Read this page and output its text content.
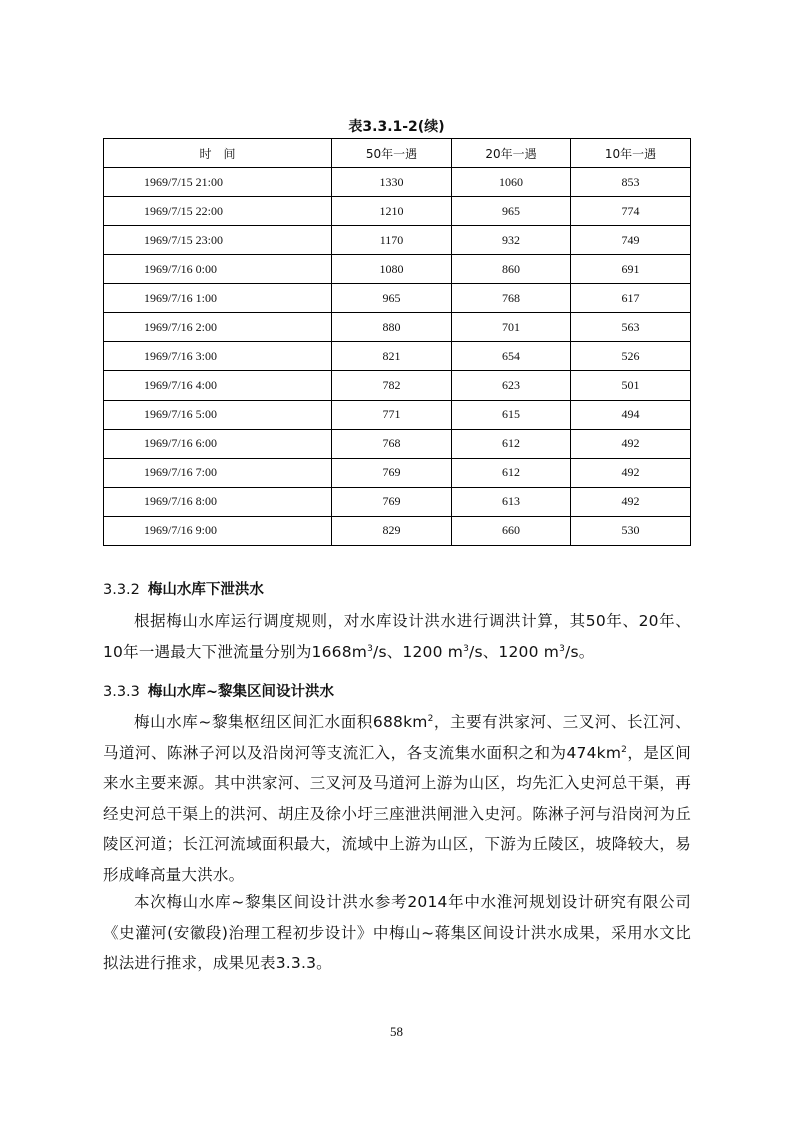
表3.3.1-2(续)
时　间	50年一遇	20年一遇	10年一遇
1969/7/15 21:00	1330	1060	853
1969/7/15 22:00	1210	965	774
1969/7/15 23:00	1170	932	749
1969/7/16 0:00	1080	860	691
1969/7/16 1:00	965	768	617
1969/7/16 2:00	880	701	563
1969/7/16 3:00	821	654	526
1969/7/16 4:00	782	623	501
1969/7/16 5:00	771	615	494
1969/7/16 6:00	768	612	492
1969/7/16 7:00	769	612	492
1969/7/16 8:00	769	613	492
1969/7/16 9:00	829	660	530
3.3.2 梅山水库下泄洪水
根据梅山水库运行调度规则，对水库设计洪水进行调洪计算，其50年、20年、10年一遇最大下泄流量分别为$1668m^3/s$、1200 $m^3/s$、1200 $m^3/s$。
3.3.3 梅山水库~黎集区间设计洪水
梅山水库~黎集枢纽区间汇水面积$688km^2$，主要有洪家河、三叉河、长江河、马道河、陈淋子河以及沿岗河等支流汇入，各支流集水面积之和为$474km^2$，是区间来水主要来源。其中洪家河、三叉河及马道河上游为山区，均先汇入史河总干渠，再经史河总干渠上的洪河、胡庄及徐小圩三座泄洪闸泄入史河。陈淋子河与沿岗河为丘陵区河道；长江河流域面积最大，流域中上游为山区，下游为丘陵区，坡降较大，易形成峰高量大洪水。
本次梅山水库~黎集区间设计洪水参考2014年中水淮河规划设计研究有限公司《史灌河(安徽段)治理工程初步设计》中梅山~蒋集区间设计洪水成果，采用水文比拟法进行推求，成果见表3.3.3。
58
